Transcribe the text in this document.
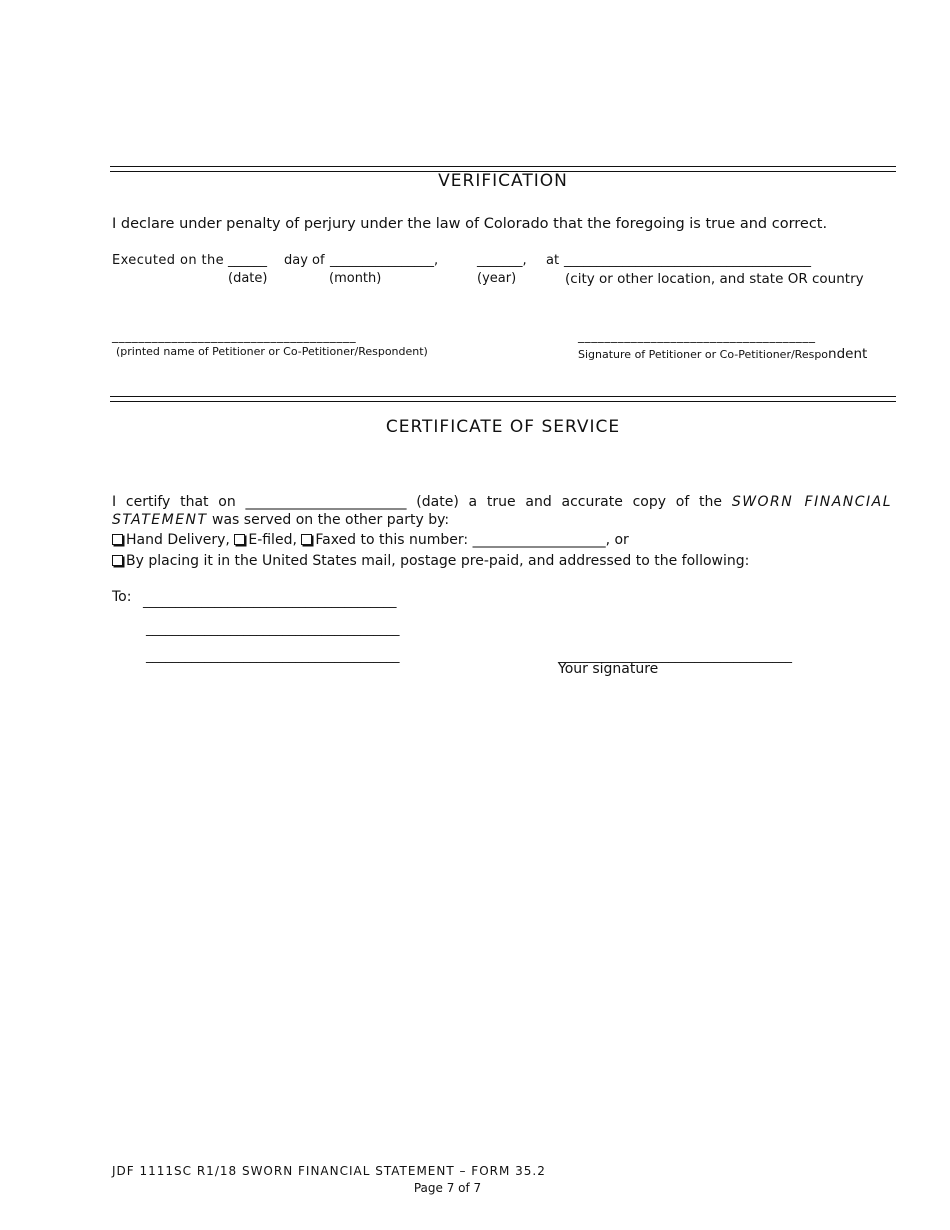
VERIFICATION
I declare under penalty of perjury under the law of Colorado that the foregoing is true and correct.
Executed on the ______ day of ________________,	_______, at ______________________________________
(date)	(month)	(year)	(city or other location, and state OR country
_____________________________________
(printed name of Petitioner or Co-Petitioner/Respondent)
____________________________________
Signature of Petitioner or Co-Petitioner/Respondent
CERTIFICATE OF SERVICE
I certify that on _______________________ (date) a true and accurate copy of the SWORN FINANCIAL
STATEMENT was served on the other party by:
Hand Delivery, E-filed, Faxed to this number: ___________________, or
By placing it in the United States mail, postage pre-paid, and addressed to the following:
To: _______________________________________
_______________________________________
_______________________________________	____________________________________
Your signature
JDF 1111SC R1/18 SWORN FINANCIAL STATEMENT – FORM 35.2
Page 7 of 7
